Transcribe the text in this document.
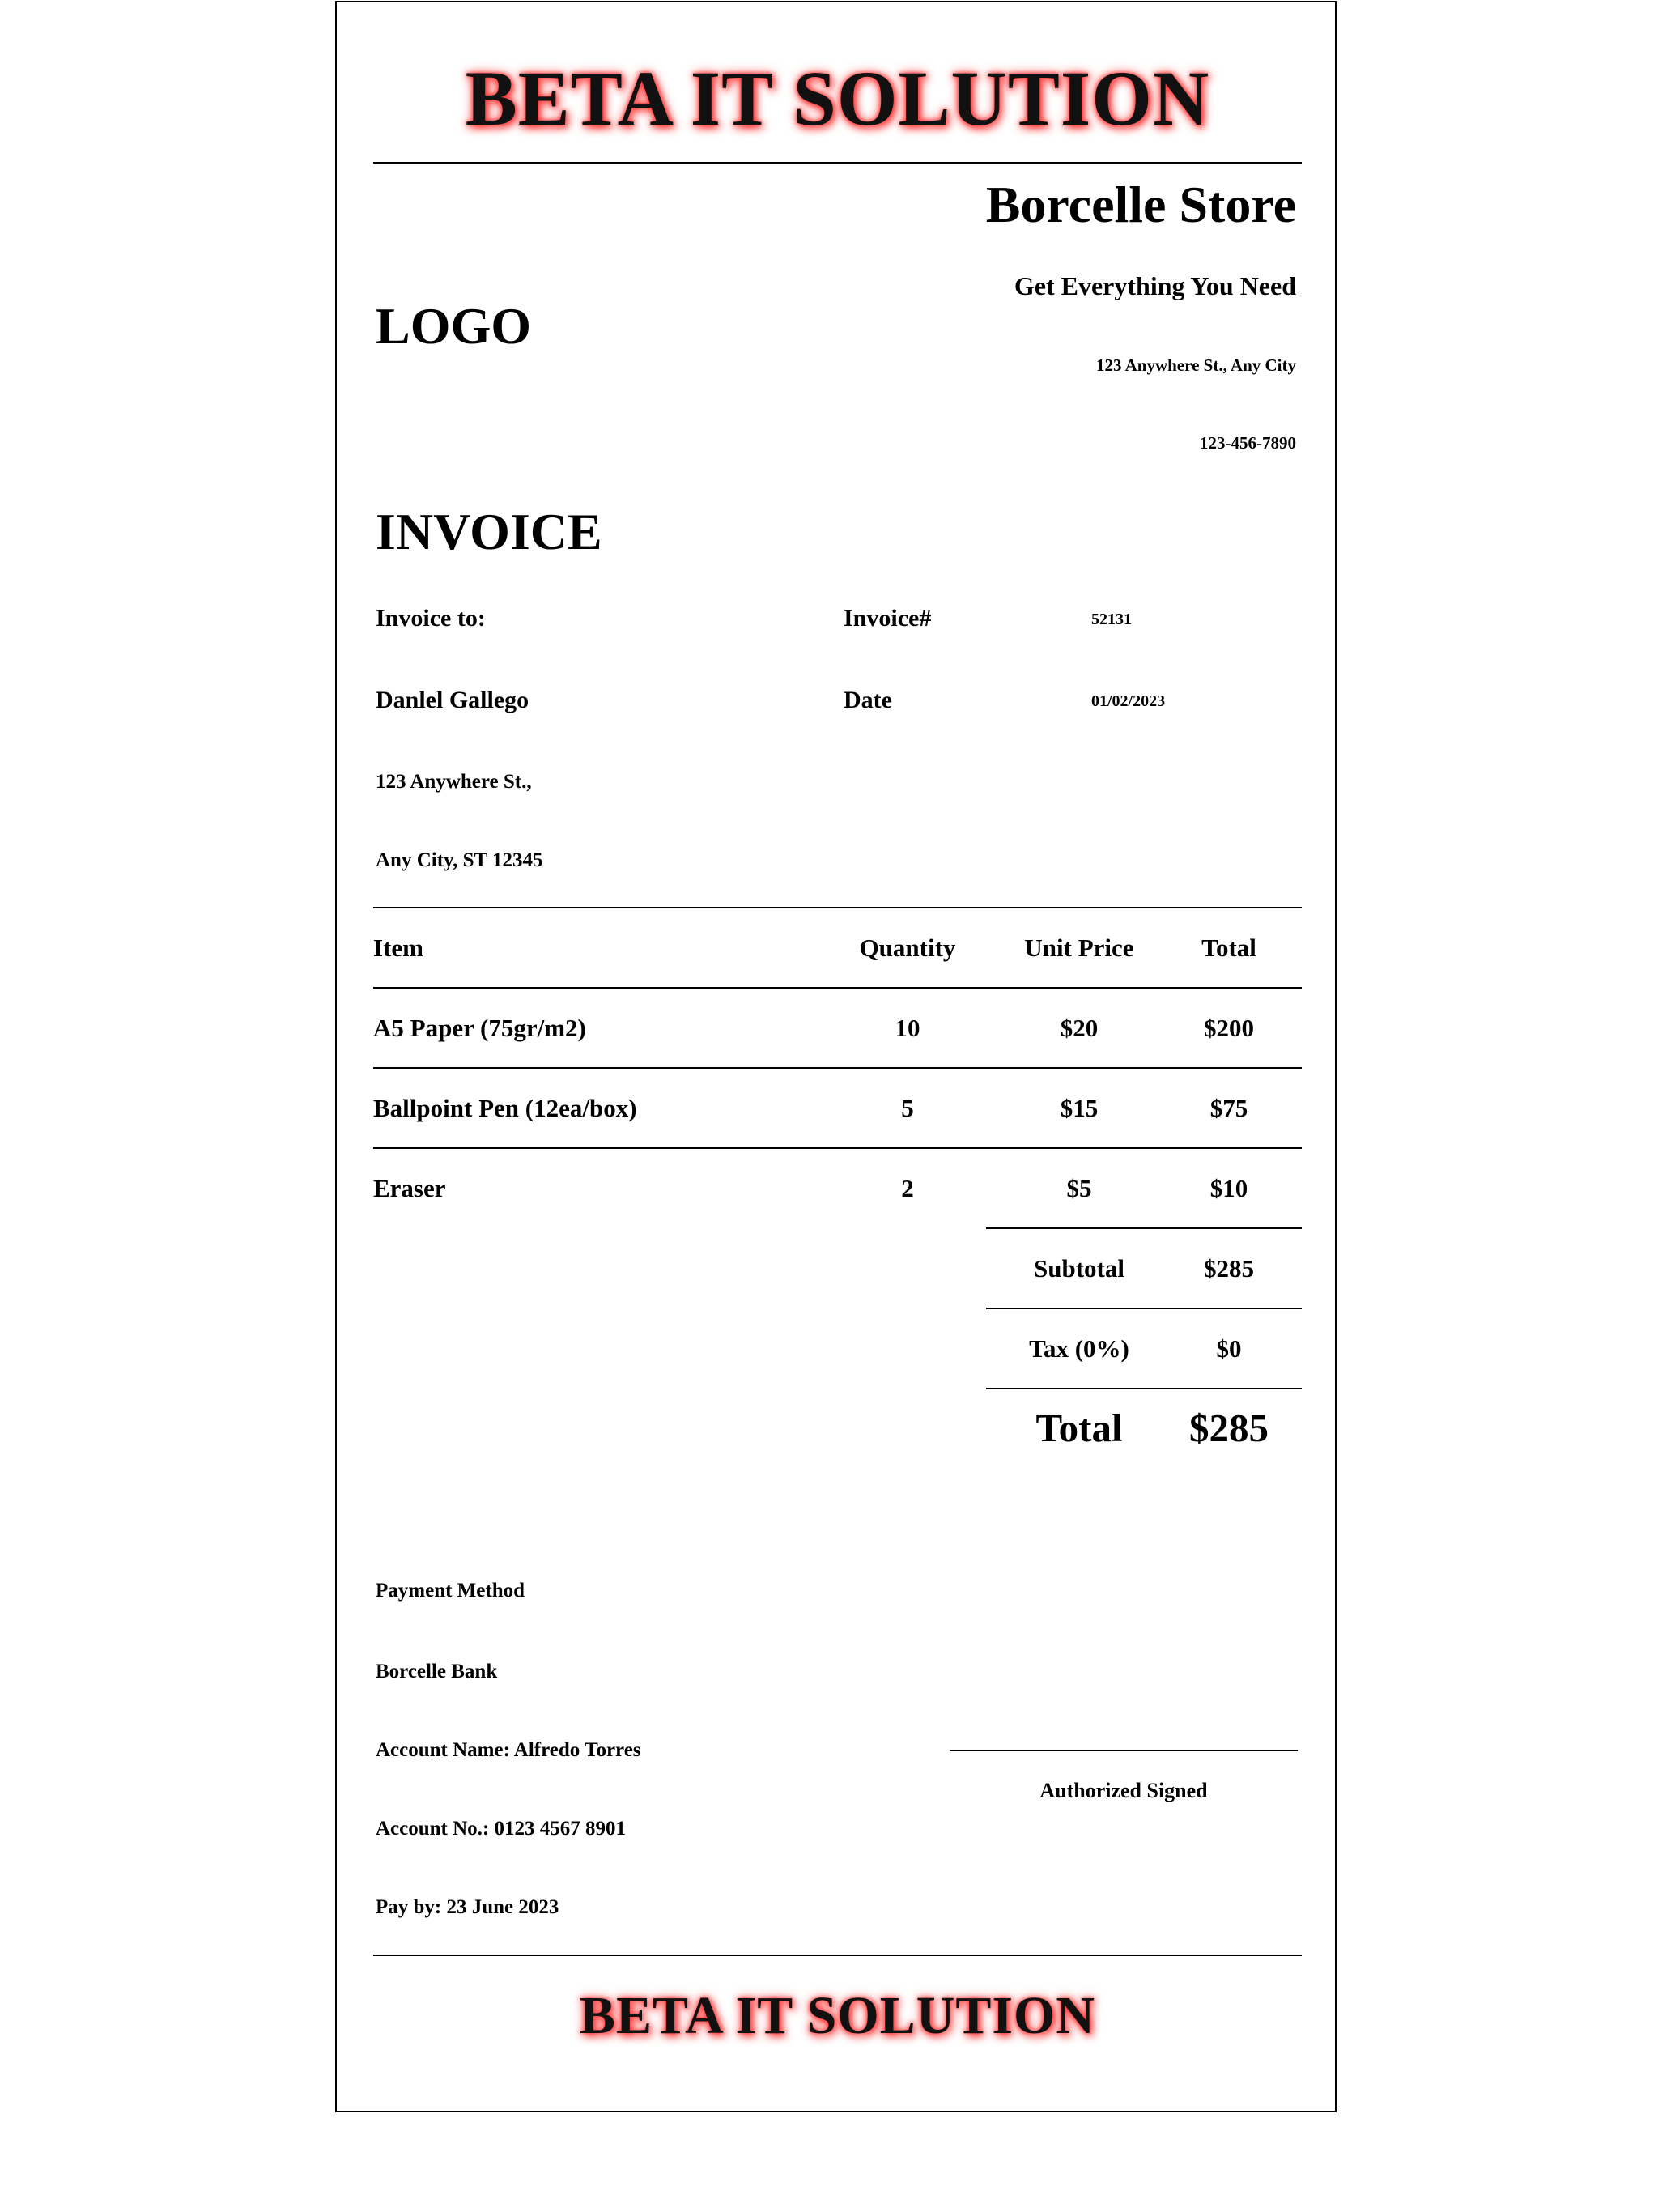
BETA IT SOLUTION
Borcelle Store
Get Everything You Need
123 Anywhere St., Any City
123-456-7890
LOGO
INVOICE
Invoice to:
Danlel Gallego
123 Anywhere St.,
Any City, ST 12345
Invoice#	52131
Date	01/02/2023
Item	Quantity	Unit Price	Total
A5 Paper (75gr/m2)	10	$20	$200
Ballpoint Pen (12ea/box)	5	$15	$75
Eraser	2	$5	$10
Subtotal	$285
Tax (0%)	$0
Total	$285
Payment Method
Borcelle Bank
Account Name: Alfredo Torres
Account No.: 0123 4567 8901
Pay by: 23 June 2023
Authorized Signed
BETA IT SOLUTION
